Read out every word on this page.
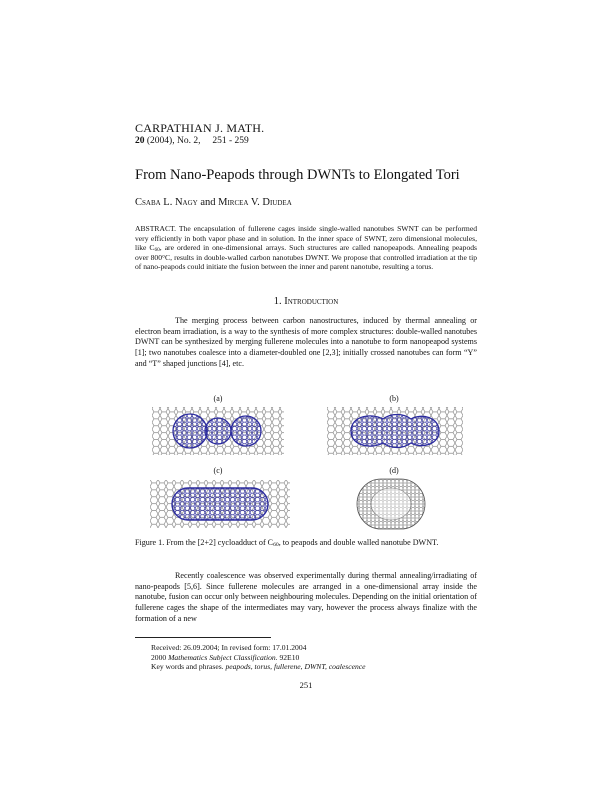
CARPATHIAN J. MATH.
20 (2004), No. 2,     251 - 259
From Nano-Peapods through DWNTs to Elongated Tori
Csaba L. Nagy and Mircea V. Diudea
ABSTRACT. The encapsulation of fullerene cages inside single-walled nanotubes SWNT can be performed very efficiently in both vapor phase and in solution. In the inner space of SWNT, zero dimensional molecules, like $C_{60}$, are ordered in one-dimensional arrays. Such structures are called nanopeapods. Annealing peapods over 800°C, results in double-walled carbon nanotubes DWNT. We propose that controlled irradiation at the tip of nano-peapods could initiate the fusion between the inner and parent nanotube, resulting a torus.
1. Introduction
The merging process between carbon nanostructures, induced by thermal annealing or electron beam irradiation, is a way to the synthesis of more complex structures: double-walled nanotubes DWNT can be synthesized by merging fullerene molecules into a nanotube to form nanopeapod systems [1]; two nanotubes coalesce into a diameter-doubled one [2,3]; initially crossed nanotubes can form “Y” and “T” shaped junctions [4], etc.
(a)	(b)
(c)	(d)
Figure 1. From the [2+2] cycloadduct of $C_{60}$, to peapods and double walled nanotube DWNT.
Recently coalescence was observed experimentally during thermal annealing/irradiating of nano-peapods [5,6]. Since fullerene molecules are arranged in a one-dimensional array inside the nanotube, fusion can occur only between neighbouring molecules. Depending on the initial orientation of fullerene cages the shape of the intermediates may vary, however the process always finalize with the formation of a new
Received: 26.09.2004; In revised form: 17.01.2004
2000 Mathematics Subject Classification. 92E10
Key words and phrases. peapods, torus, fullerene, DWNT, coalescence
251
